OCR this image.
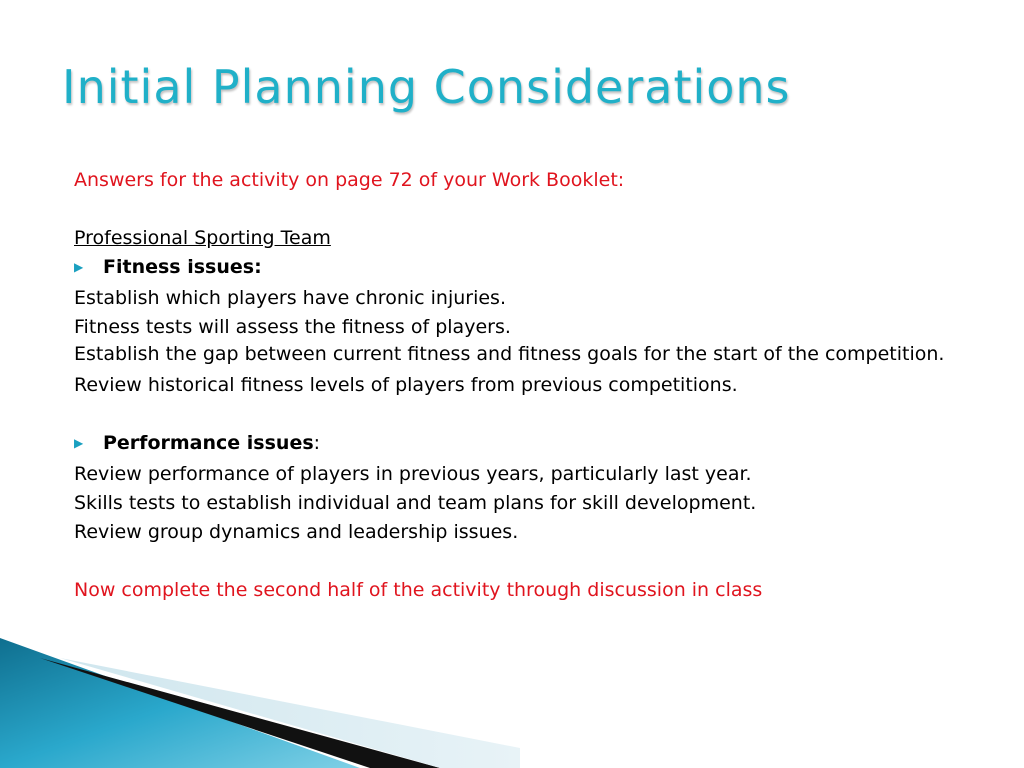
Initial Planning Considerations
Answers for the activity on page 72 of your Work Booklet:
Professional Sporting Team
▶	Fitness issues:
Establish which players have chronic injuries.
Fitness tests will assess the fitness of players.
Establish the gap between current fitness and fitness goals for the start of the competition.
Review historical fitness levels of players from previous competitions.
▶	Performance issues:
Review performance of players in previous years, particularly last year.
Skills tests to establish individual and team plans for skill development.
Review group dynamics and leadership issues.
Now complete the second half of the activity through discussion in class
